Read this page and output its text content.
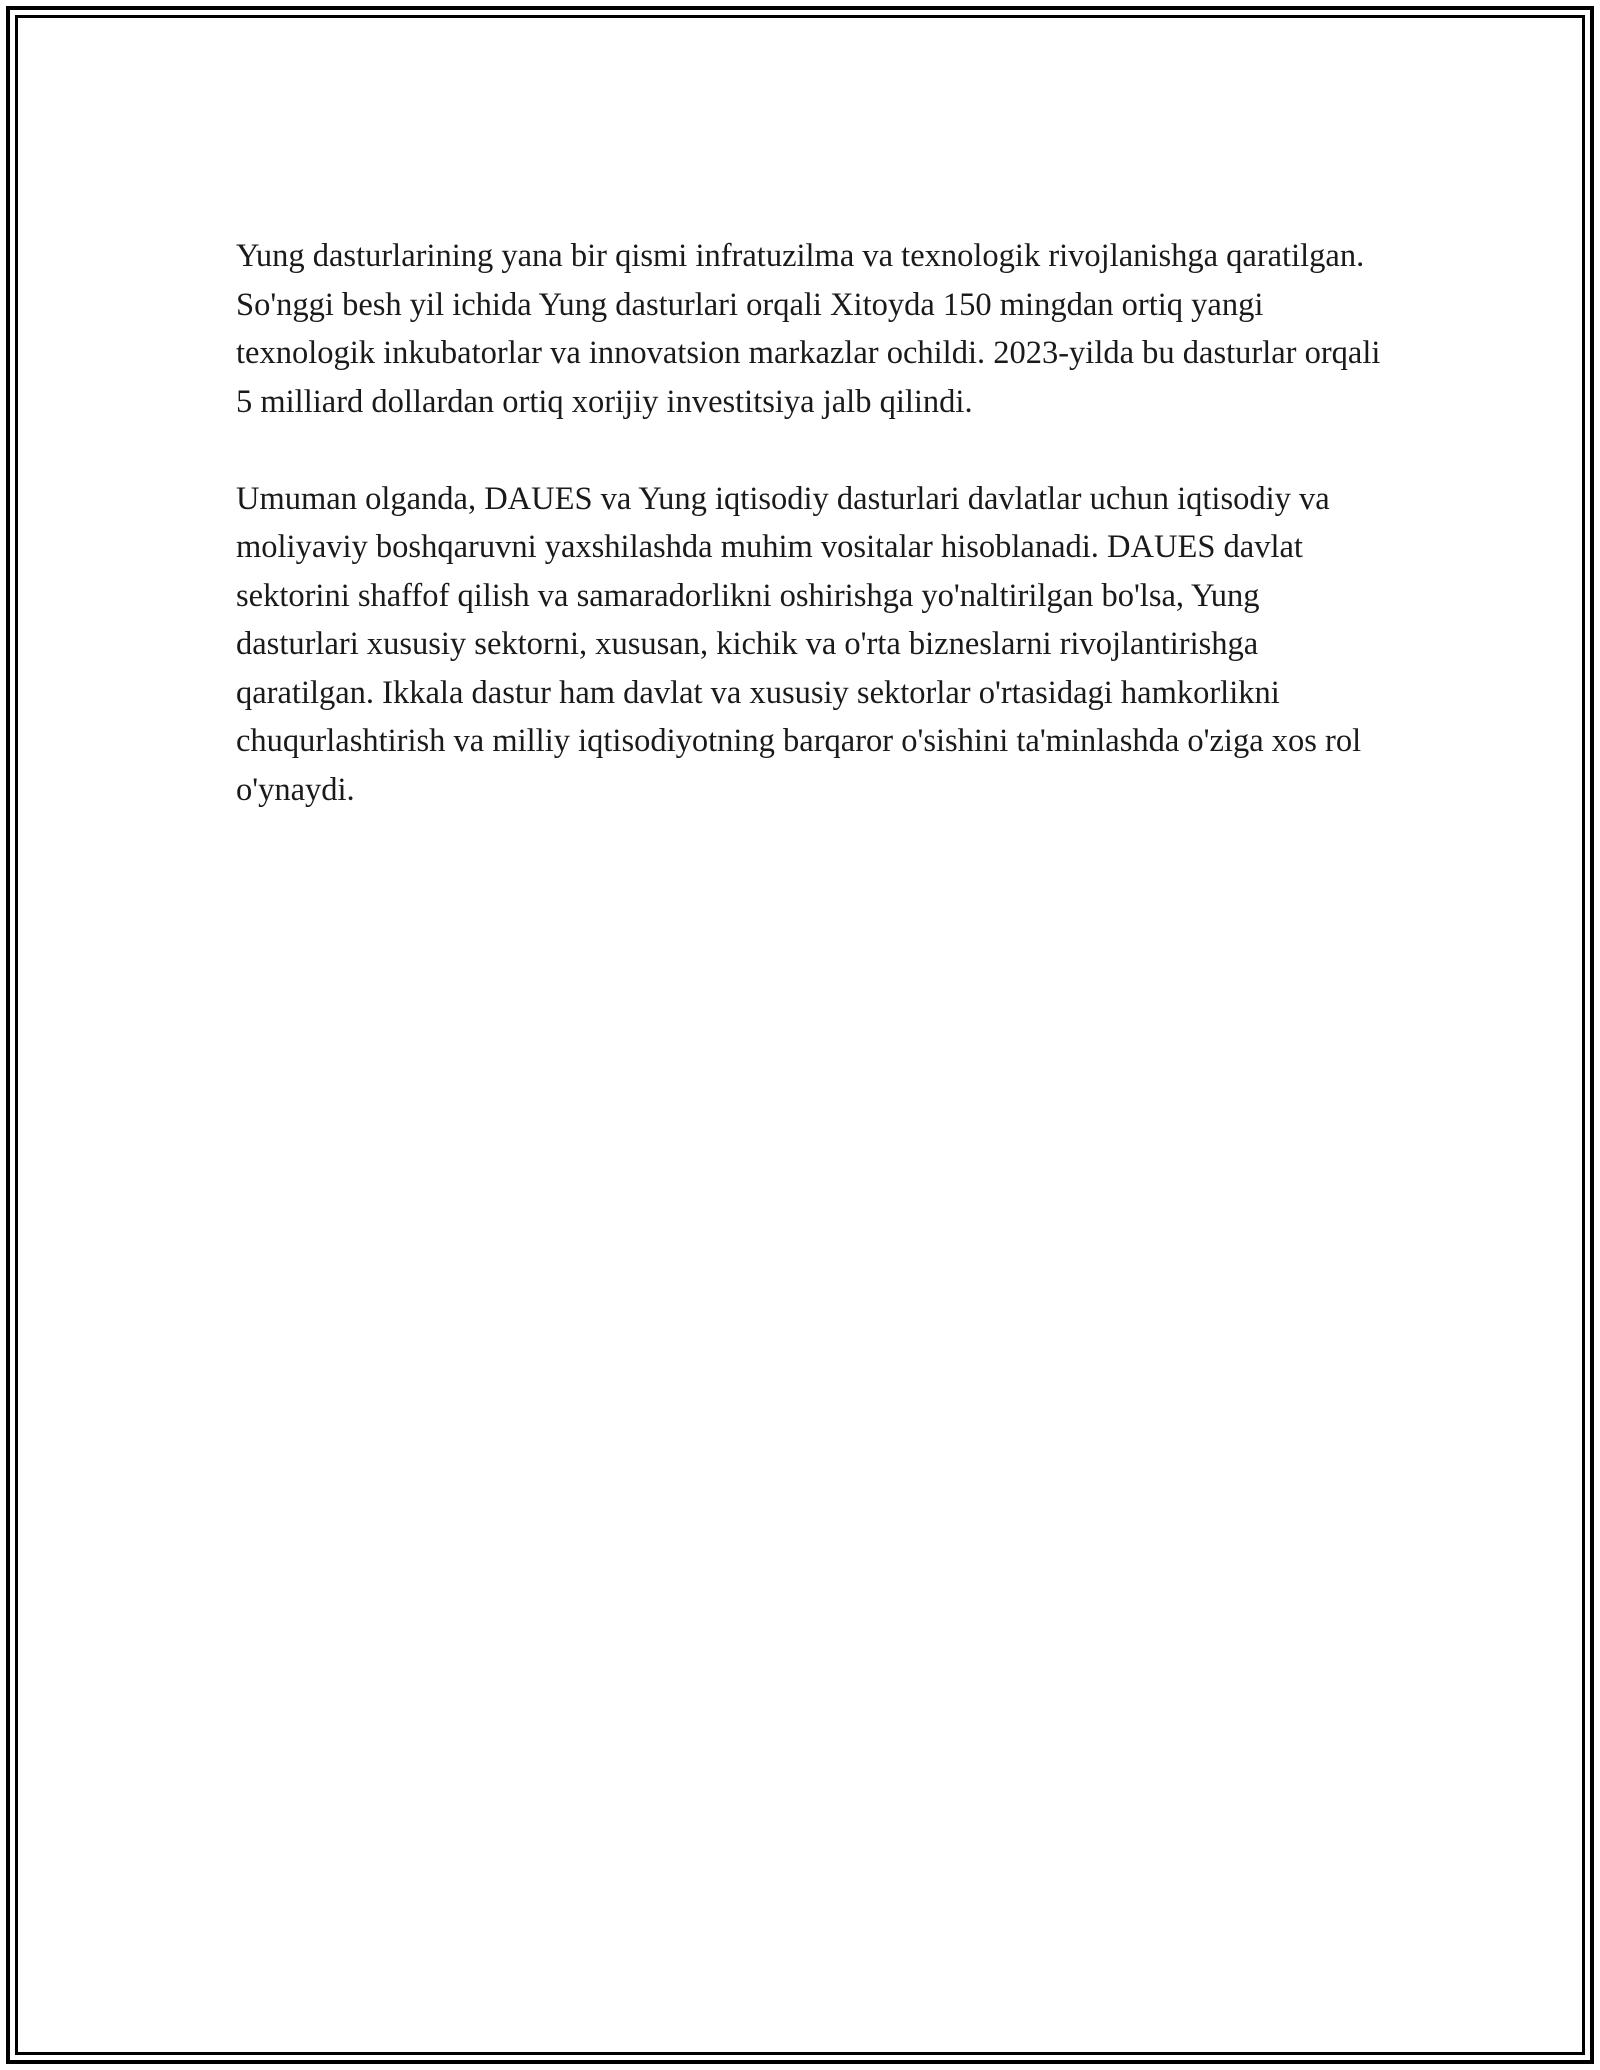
Yung dasturlarining yana bir qismi infratuzilma va texnologik rivojlanishga qaratilgan. So'nggi besh yil ichida Yung dasturlari orqali Xitoyda 150 mingdan ortiq yangi texnologik inkubatorlar va innovatsion markazlar ochildi. 2023-yilda bu dasturlar orqali 5 milliard dollardan ortiq xorijiy investitsiya jalb qilindi.

Umuman olganda, DAUES va Yung iqtisodiy dasturlari davlatlar uchun iqtisodiy va moliyaviy boshqaruvni yaxshilashda muhim vositalar hisoblanadi. DAUES davlat sektorini shaffof qilish va samaradorlikni oshirishga yo'naltirilgan bo'lsa, Yung dasturlari xususiy sektorni, xususan, kichik va o'rta bizneslarni rivojlantirishga qaratilgan. Ikkala dastur ham davlat va xususiy sektorlar o'rtasidagi hamkorlikni chuqurlashtirish va milliy iqtisodiyotning barqaror o'sishini ta'minlashda o'ziga xos rol o'ynaydi.
